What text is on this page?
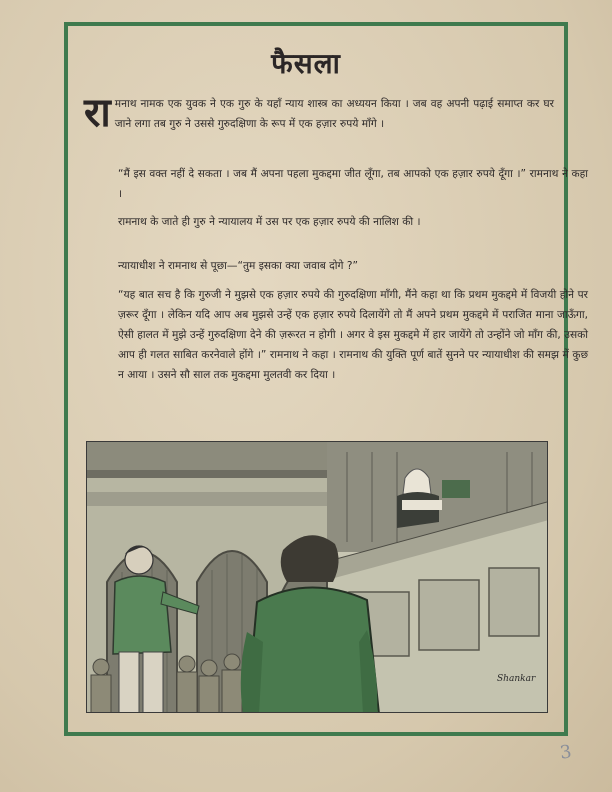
फैसला
रामनाथ नामक एक युवक ने एक गुरु के यहाँ न्याय शास्त्र का अध्ययन किया । जब वह अपनी पढ़ाई समाप्त कर घर जाने लगा तब गुरु ने उससे गुरुदक्षिणा के रूप में एक हज़ार रुपये माँगे ।
“मैं इस वक्त नहीं दे सकता । जब मैं अपना पहला मुकद्दमा जीत लूँगा, तब आपको एक हज़ार रुपये दूँगा ।” रामनाथ ने कहा ।
रामनाथ के जाते ही गुरु ने न्यायालय में उस पर एक हज़ार रुपये की नालिश की ।
न्यायाधीश ने रामनाथ से पूछा—“तुम इसका क्या जवाब दोगे ?”
“यह बात सच है कि गुरुजी ने मुझसे एक हज़ार रुपये की गुरुदक्षिणा माँगी, मैंने कहा था कि प्रथम मुकद्दमे में विजयी होने पर ज़रूर दूँगा । लेकिन यदि आप अब मुझसे उन्हें एक हज़ार रुपये दिलायेंगे तो मैं अपने प्रथम मुकद्दमे में पराजित माना जाऊँगा, ऐसी हालत में मुझे उन्हें गुरुदक्षिणा देने की ज़रूरत न होगी । अगर वे इस मुकद्दमे में हार जायेंगे तो उन्होंने जो माँग की, उसको आप ही गलत साबित करनेवाले होंगे ।” रामनाथ ने कहा । रामनाथ की युक्ति पूर्ण बातें सुनने पर न्यायाधीश की समझ में कुछ न आया । उसने सौ साल तक मुकद्दमा मुलतवी कर दिया ।
Shankar
3
